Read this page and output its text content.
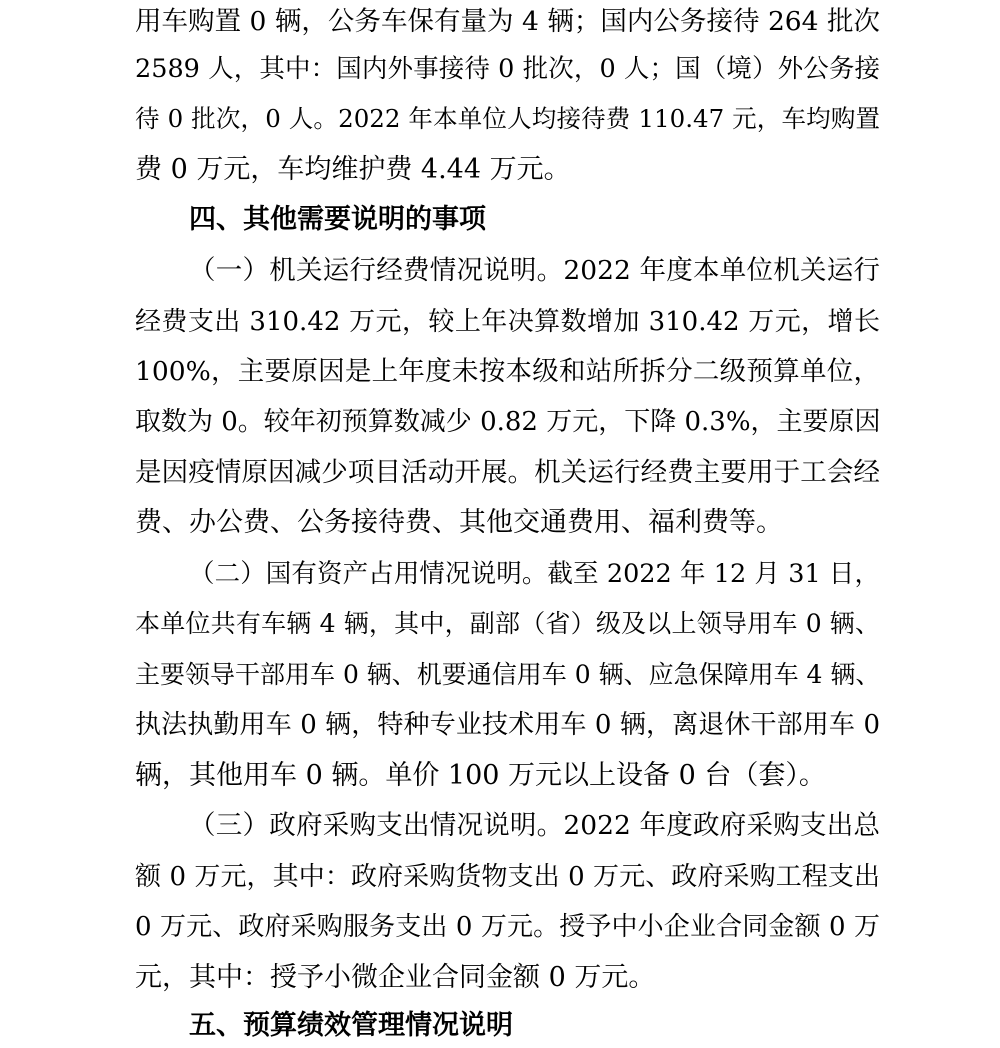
用车购置 0 辆，公务车保有量为 4 辆；国内公务接待 264 批次
2589 人，其中：国内外事接待 0 批次，0 人；国（境）外公务接
待 0 批次，0 人。2022 年本单位人均接待费 110.47 元，车均购置
费 0 万元，车均维护费 4.44 万元。
四、其他需要说明的事项
（一）机关运行经费情况说明。2022 年度本单位机关运行
经费支出 310.42 万元，较上年决算数增加 310.42 万元，增长
100%，主要原因是上年度未按本级和站所拆分二级预算单位，
取数为 0。较年初预算数减少 0.82 万元，下降 0.3%，主要原因
是因疫情原因减少项目活动开展。机关运行经费主要用于工会经
费、办公费、公务接待费、其他交通费用、福利费等。
（二）国有资产占用情况说明。截至 2022 年 12 月 31 日，
本单位共有车辆 4 辆，其中，副部（省）级及以上领导用车 0 辆、
主要领导干部用车 0 辆、机要通信用车 0 辆、应急保障用车 4 辆、
执法执勤用车 0 辆，特种专业技术用车 0 辆，离退休干部用车 0
辆，其他用车 0 辆。单价 100 万元以上设备 0 台（套）。
（三）政府采购支出情况说明。2022 年度政府采购支出总
额 0 万元，其中：政府采购货物支出 0 万元、政府采购工程支出
0 万元、政府采购服务支出 0 万元。授予中小企业合同金额 0 万
元，其中：授予小微企业合同金额 0 万元。
五、预算绩效管理情况说明
